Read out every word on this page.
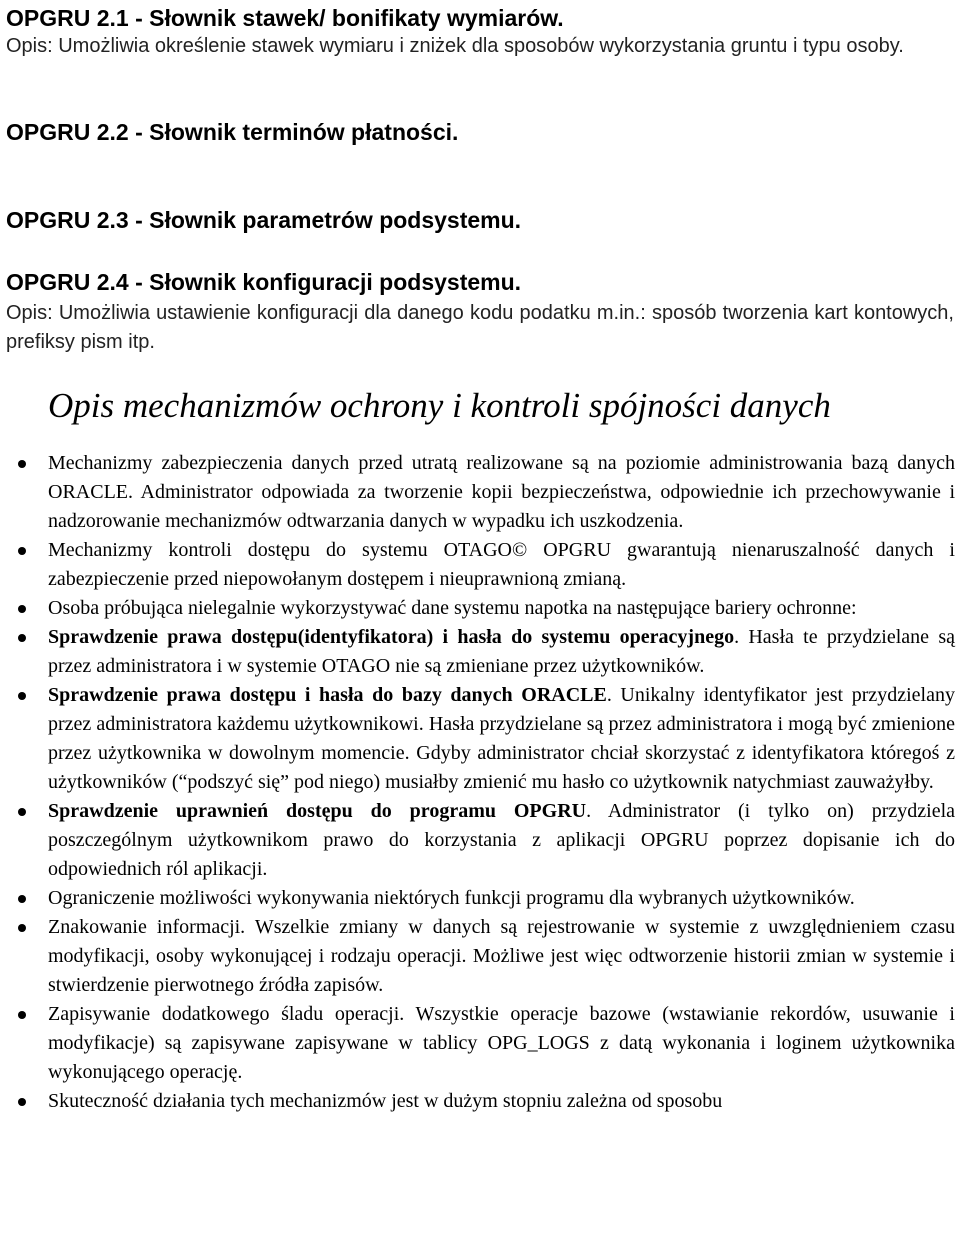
OPGRU 2.1 - Słownik stawek/ bonifikaty wymiarów.
Opis: Umożliwia określenie stawek wymiaru i zniżek dla sposobów wykorzystania gruntu i typu osoby.
OPGRU 2.2 - Słownik terminów płatności.
OPGRU 2.3 - Słownik parametrów podsystemu.
OPGRU 2.4 - Słownik konfiguracji podsystemu.
Opis: Umożliwia ustawienie konfiguracji dla danego kodu podatku m.in.: sposób tworzenia kart kontowych, prefiksy pism itp.
Opis mechanizmów ochrony i kontroli spójności danych
Mechanizmy zabezpieczenia danych przed utratą realizowane są na poziomie administrowania bazą danych ORACLE. Administrator odpowiada za tworzenie kopii bezpieczeństwa, odpowiednie ich przechowywanie i nadzorowanie mechanizmów odtwarzania danych w wypadku ich uszkodzenia.
Mechanizmy kontroli dostępu do systemu OTAGO© OPGRU gwarantują nienaruszalność danych i zabezpieczenie przed niepowołanym dostępem i nieuprawnioną zmianą.
Osoba próbująca nielegalnie wykorzystywać dane systemu napotka na następujące bariery ochronne:
Sprawdzenie prawa dostępu(identyfikatora) i hasła do systemu operacyjnego. Hasła te przydzielane są przez administratora i w systemie OTAGO nie są zmieniane przez użytkowników.
Sprawdzenie prawa dostępu i hasła do bazy danych ORACLE. Unikalny identyfikator jest przydzielany przez administratora każdemu użytkownikowi. Hasła przydzielane są przez administratora i mogą być zmienione przez użytkownika w dowolnym momencie. Gdyby administrator chciał skorzystać z identyfikatora któregoś z użytkowników (“podszyć się” pod niego) musiałby zmienić mu hasło co użytkownik natychmiast zauważyłby.
Sprawdzenie uprawnień dostępu do programu OPGRU. Administrator (i tylko on) przydziela poszczególnym użytkownikom prawo do korzystania z aplikacji OPGRU poprzez dopisanie ich do odpowiednich ról aplikacji.
Ograniczenie możliwości wykonywania niektórych funkcji programu dla wybranych użytkowników.
Znakowanie informacji. Wszelkie zmiany w danych są rejestrowanie w systemie z uwzględnieniem czasu modyfikacji, osoby wykonującej i rodzaju operacji. Możliwe jest więc odtworzenie historii zmian w systemie i stwierdzenie pierwotnego źródła zapisów.
Zapisywanie dodatkowego śladu operacji. Wszystkie operacje bazowe (wstawianie rekordów, usuwanie i modyfikacje) są zapisywane zapisywane w tablicy OPG_LOGS z datą wykonania i loginem użytkownika wykonującego operację.
Skuteczność działania tych mechanizmów jest w dużym stopniu zależna od sposobu
